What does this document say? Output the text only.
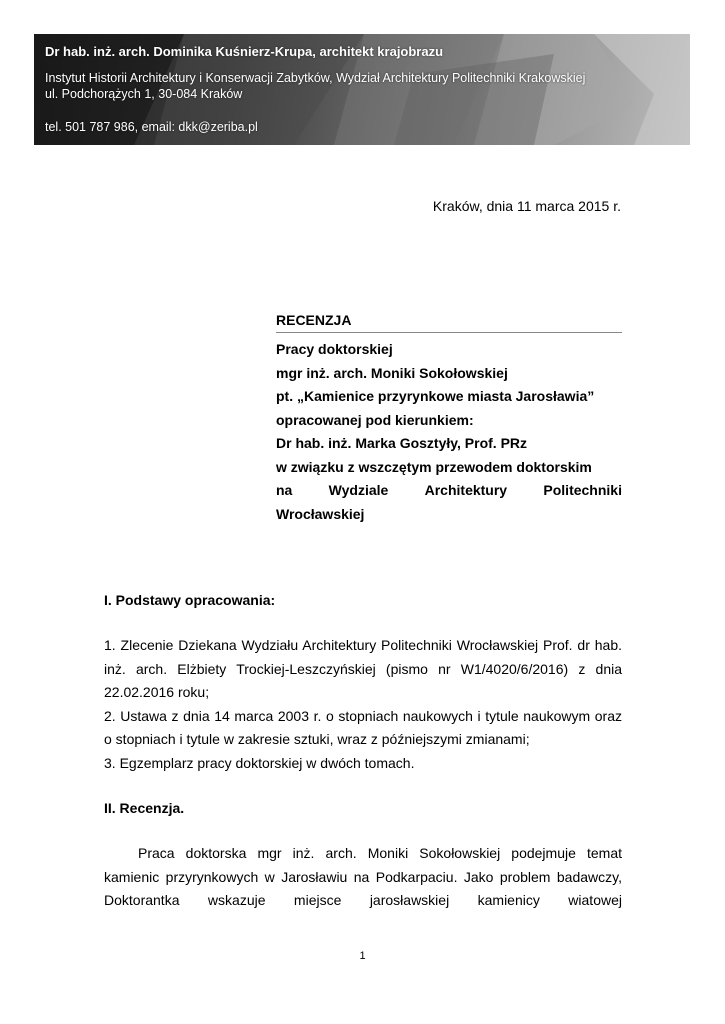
Dr hab. inż. arch. Dominika Kuśnierz-Krupa, architekt krajobrazu
Instytut Historii Architektury i Konserwacji Zabytków, Wydział Architektury Politechniki Krakowskiej
ul. Podchorążych 1, 30-084 Kraków
tel. 501 787 986, email: dkk@zeriba.pl
Kraków, dnia 11 marca 2015 r.
RECENZJA
Pracy doktorskiej
mgr inż. arch. Moniki Sokołowskiej
pt. „Kamienice przyrynkowe miasta Jarosławia”
opracowanej pod kierunkiem:
Dr hab. inż. Marka Gosztyły, Prof. PRz
w związku z wszczętym przewodem doktorskim
na	Wydziale	Architektury	Politechniki
Wrocławskiej
I. Podstawy opracowania:

1. Zlecenie Dziekana Wydziału Architektury Politechniki Wrocławskiej Prof. dr hab. inż. arch. Elżbiety Trockiej-Leszczyńskiej (pismo nr W1/4020/6/2016) z dnia 22.02.2016 roku;

2. Ustawa z dnia 14 marca 2003 r. o stopniach naukowych i tytule naukowym oraz o stopniach i tytule w zakresie sztuki, wraz z późniejszymi zmianami;

3. Egzemplarz pracy doktorskiej w dwóch tomach.

II. Recenzja.

Praca doktorska mgr inż. arch. Moniki Sokołowskiej podejmuje temat kamienic przyrynkowych w Jarosławiu na Podkarpaciu. Jako problem badawczy, Doktorantka wskazuje miejsce jarosławskiej kamienicy wiatowej

1
